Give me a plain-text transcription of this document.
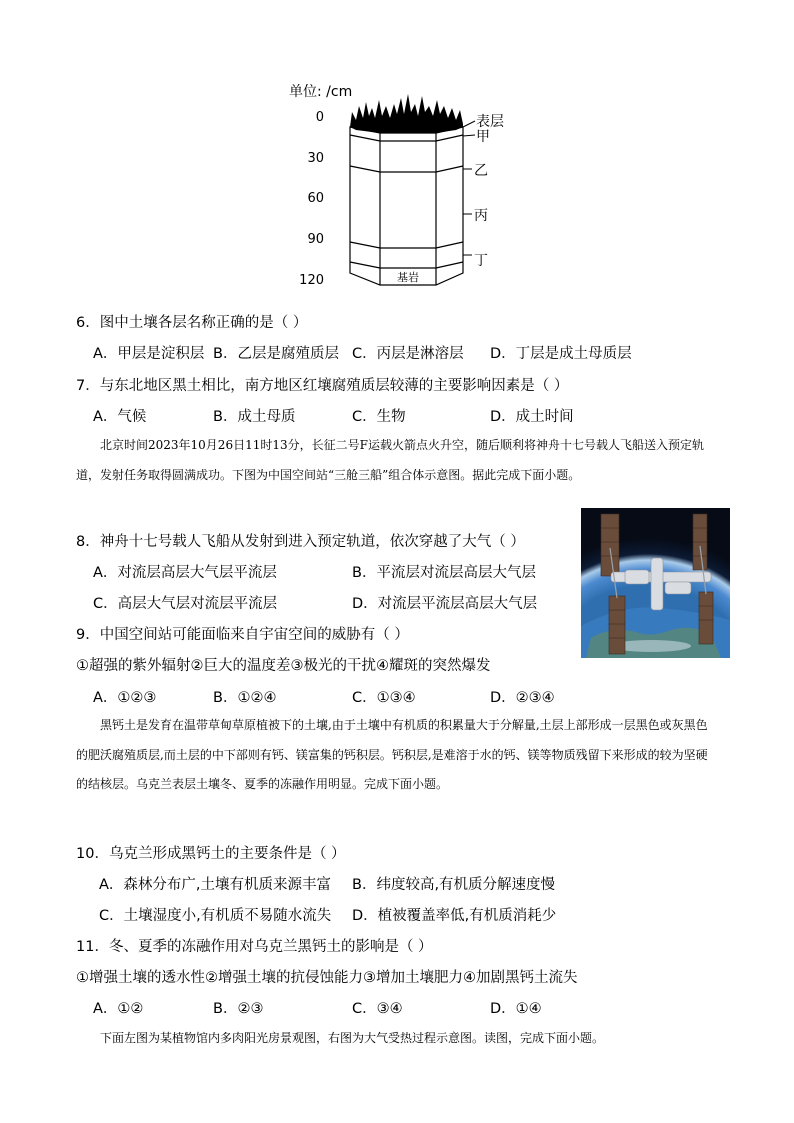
单位: /cm
0
30
60
90
120	基岩
表层
甲
乙
丙
丁
6．图中土壤各层名称正确的是（ ）
A．甲层是淀积层 B．乙层是腐殖质层 C．丙层是淋溶层 D．丁层是成土母质层
7．与东北地区黑土相比，南方地区红壤腐殖质层较薄的主要影响因素是（ ）
A．气候	B．成土母质	C．生物	D．成土时间
北京时间2023年10月26日11时13分，长征二号F运载火箭点火升空，随后顺利将神舟十七号载人飞船送入预定轨道，发射任务取得圆满成功。下图为中国空间站“三舱三船”组合体示意图。据此完成下面小题。
8．神舟十七号载人飞船从发射到进入预定轨道，依次穿越了大气（ ）
A．对流层高层大气层平流层	B．平流层对流层高层大气层
C．高层大气层对流层平流层	D．对流层平流层高层大气层
9．中国空间站可能面临来自宇宙空间的威胁有（ ）
①超强的紫外辐射②巨大的温度差③极光的干扰④耀斑的突然爆发
A．①②③	B．①②④	C．①③④	D．②③④
黑钙土是发育在温带草甸草原植被下的土壤,由于土壤中有机质的积累量大于分解量,土层上部形成一层黑色或灰黑色的肥沃腐殖质层,而土层的中下部则有钙、镁富集的钙积层。钙积层,是难溶于水的钙、镁等物质残留下来形成的较为坚硬的结核层。乌克兰表层土壤冬、夏季的冻融作用明显。完成下面小题。
10．乌克兰形成黑钙土的主要条件是（ ）
A．森林分布广,土壤有机质来源丰富 B．纬度较高,有机质分解速度慢
C．土壤湿度小,有机质不易随水流失 D．植被覆盖率低,有机质消耗少
11．冬、夏季的冻融作用对乌克兰黑钙土的影响是（ ）
①增强土壤的透水性②增强土壤的抗侵蚀能力③增加土壤肥力④加剧黑钙土流失
A．①②	B．②③	C．③④	D．①④
下面左图为某植物馆内多肉阳光房景观图，右图为大气受热过程示意图。读图，完成下面小题。
